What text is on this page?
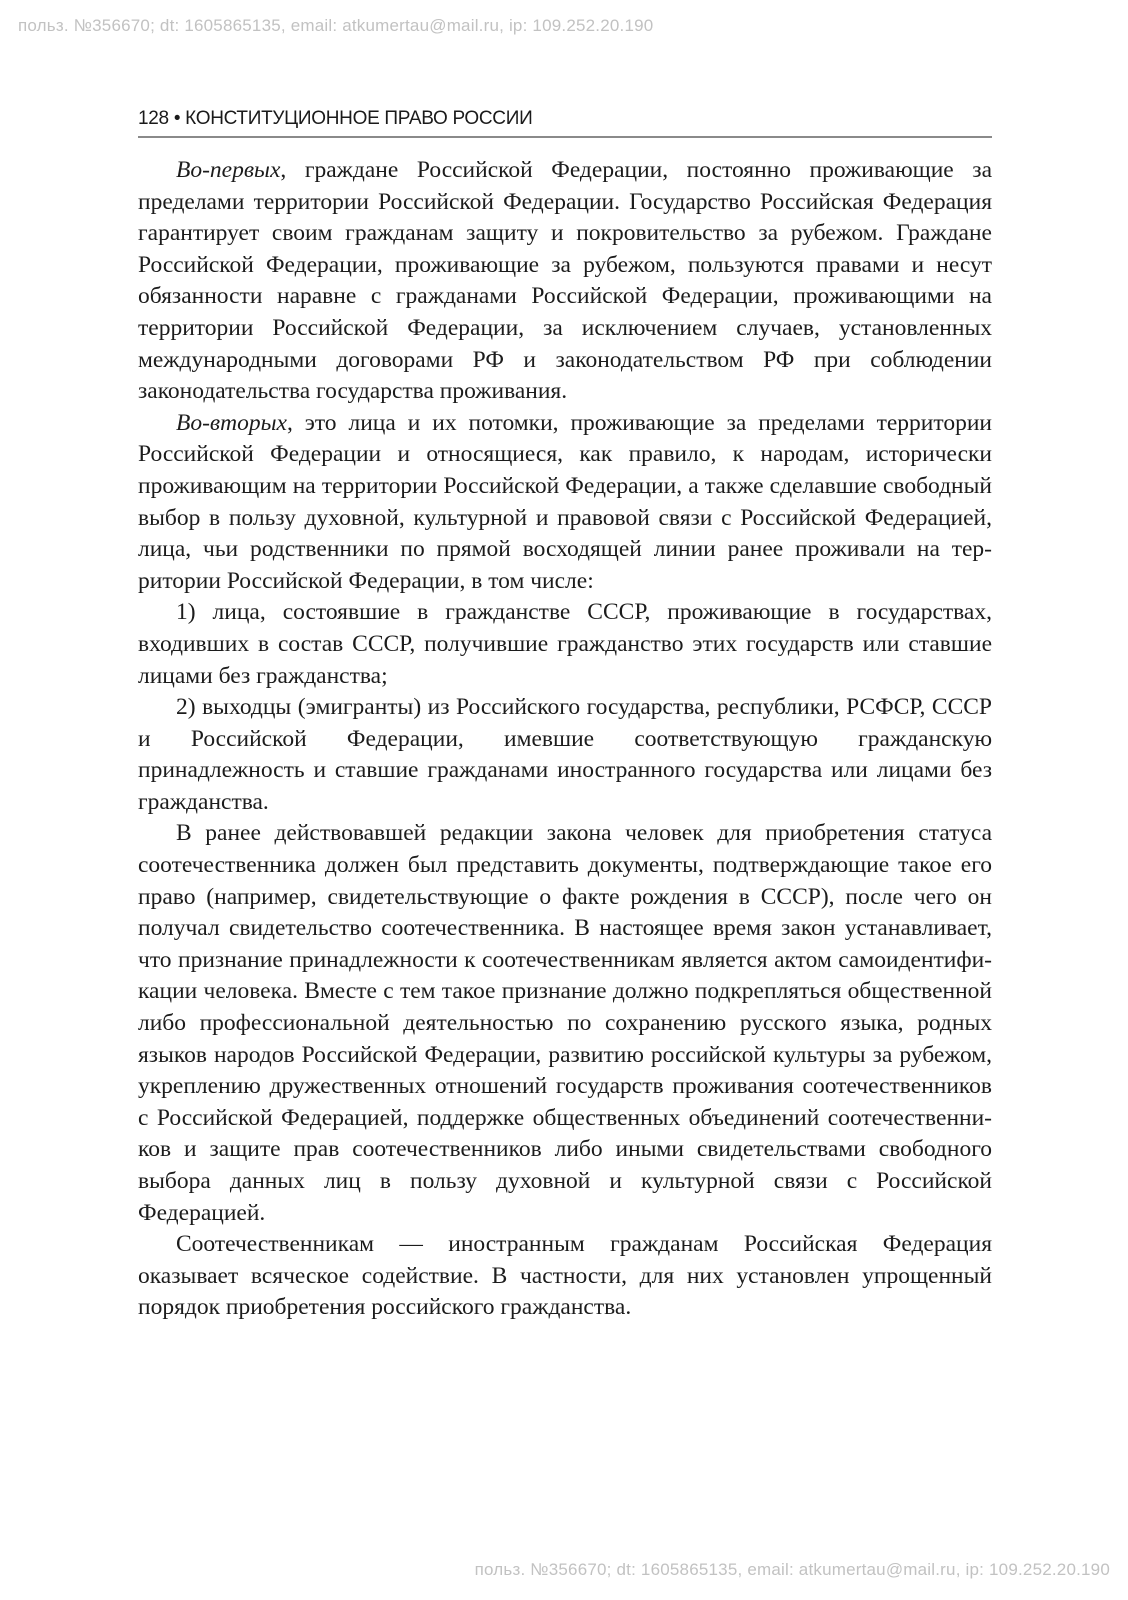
польз. №356670; dt: 1605865135, email: atkumertau@mail.ru, ip: 109.252.20.190
128 • КОНСТИТУЦИОННОЕ ПРАВО РОССИИ

Во-первых, граждане Российской Федерации, постоянно проживающие за пределами территории Российской Федерации. Государство Российская Федерация гарантирует своим гражданам защиту и покровительство за рубежом. Граждане Российской Федерации, проживающие за рубежом, пользуются правами и несут обязанности наравне с гражданами Российской Федерации, проживающими на территории Российской Федерации, за исключением случаев, установленных международными договорами РФ и законодательством РФ при соблюдении законодательства государства проживания.

Во-вторых, это лица и их потомки, проживающие за пределами территории Российской Федерации и относящиеся, как правило, к народам, исторически проживающим на территории Российской Федерации, а также сделавшие свободный выбор в пользу духовной, культурной и правовой связи с Российской Федерацией, лица, чьи родственники по прямой восходящей линии ранее проживали на территории Российской Федерации, в том числе:

1) лица, состоявшие в гражданстве СССР, проживающие в государствах, входивших в состав СССР, получившие гражданство этих государств или ставшие лицами без гражданства;

2) выходцы (эмигранты) из Российского государства, республики, РСФСР, СССР и Российской Федерации, имевшие соответствующую гражданскую принадлежность и ставшие гражданами иностранного государства или лицами без гражданства.

В ранее действовавшей редакции закона человек для приобретения статуса соотечественника должен был представить документы, подтверждающие такое его право (например, свидетельствующие о факте рождения в СССР), после чего он получал свидетельство соотечественника. В настоящее время закон устанавливает, что признание принадлежности к соотечественникам является актом самоидентификации человека. Вместе с тем такое признание должно подкрепляться общественной либо профессиональной деятельностью по сохранению русского языка, родных языков народов Российской Федерации, развитию российской культуры за рубежом, укреплению дружественных отношений государств проживания соотечественников с Российской Федерацией, поддержке общественных объединений соотечественников и защите прав соотечественников либо иными свидетельствами свободного выбора данных лиц в пользу духовной и культурной связи с Российской Федерацией.

Соотечественникам — иностранным гражданам Российская Федерация оказывает всяческое содействие. В частности, для них установлен упрощенный порядок приобретения российского гражданства.

польз. №356670; dt: 1605865135, email: atkumertau@mail.ru, ip: 109.252.20.190
